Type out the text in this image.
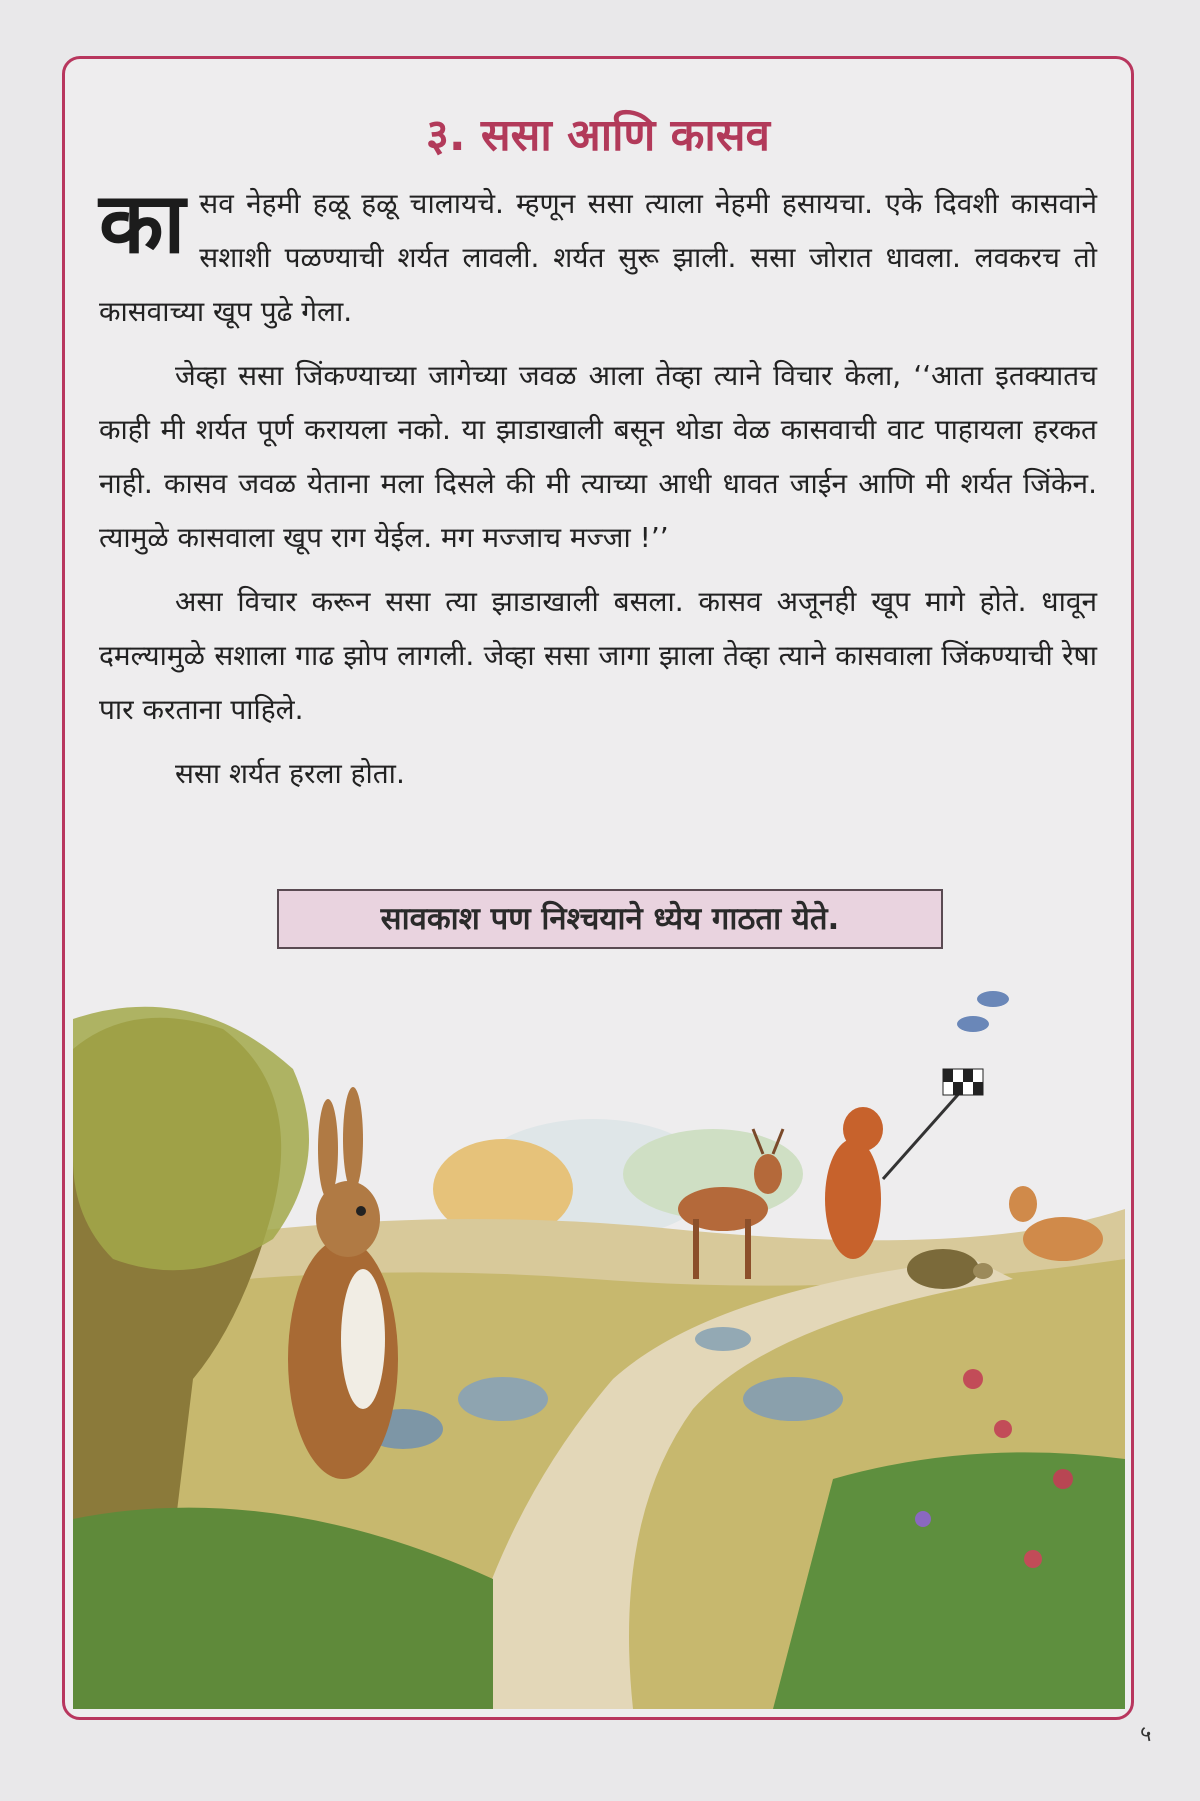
३. ससा आणि कासव

कासव नेहमी हळू हळू चालायचे. म्हणून ससा त्याला नेहमी हसायचा. एके दिवशी कासवाने सशाशी पळण्याची शर्यत लावली. शर्यत सुरू झाली. ससा जोरात धावला. लवकरच तो कासवाच्या खूप पुढे गेला.

जेव्हा ससा जिंकण्याच्या जागेच्या जवळ आला तेव्हा त्याने विचार केला, ‘‘आता इतक्यातच काही मी शर्यत पूर्ण करायला नको. या झाडाखाली बसून थोडा वेळ कासवाची वाट पाहायला हरकत नाही. कासव जवळ येताना मला दिसले की मी त्याच्या आधी धावत जाईन आणि मी शर्यत जिंकेन. त्यामुळे कासवाला खूप राग येईल. मग मज्जाच मज्जा !’’

असा विचार करून ससा त्या झाडाखाली बसला. कासव अजूनही खूप मागे होते. धावून दमल्यामुळे सशाला गाढ झोप लागली. जेव्हा ससा जागा झाला तेव्हा त्याने कासवाला जिंकण्याची रेषा पार करताना पाहिले.

ससा शर्यत हरला होता.

सावकाश पण निश्चयाने ध्येय गाठता येते.
५
